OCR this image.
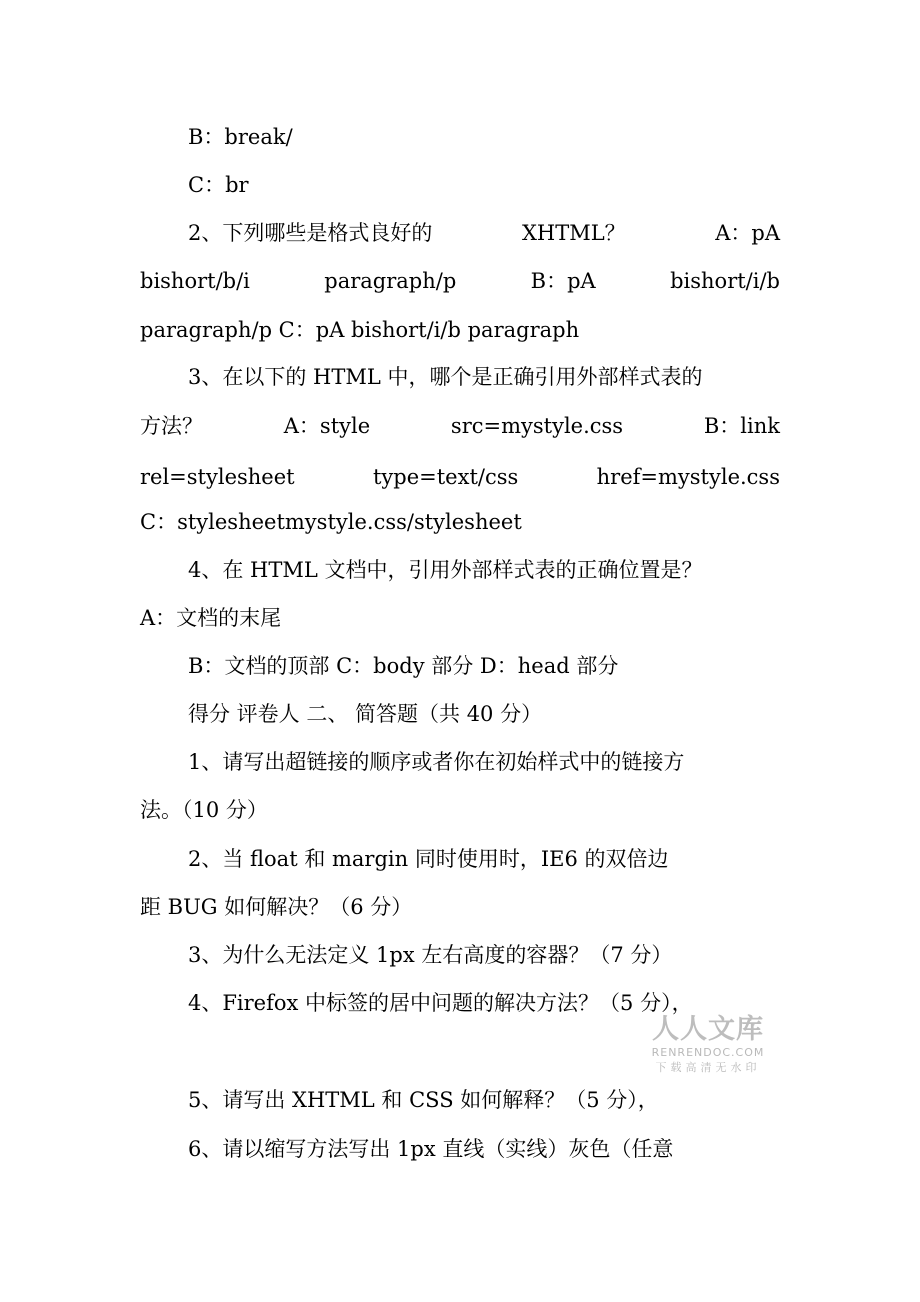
B：break/
C：br
2、下列哪些是格式良好的	XHTML？	A：pA
bishort/b/i	paragraph/p	B：pA	bishort/i/b
paragraph/p C：pA bishort/i/b paragraph
3、在以下的 HTML 中，哪个是正确引用外部样式表的
方法？	A：style	src=mystyle.css	B：link
rel=stylesheet	type=text/css	href=mystyle.css
C：stylesheetmystyle.css/stylesheet
4、在 HTML 文档中，引用外部样式表的正确位置是？
A：文档的末尾
B：文档的顶部 C：body 部分 D：head 部分
得分 评卷人 二、 简答题（共 40 分）
1、请写出超链接的顺序或者你在初始样式中的链接方
法。（10 分）
2、当 float 和 margin 同时使用时，IE6 的双倍边
距 BUG 如何解决？（6 分）
3、为什么无法定义 1px 左右高度的容器？（7 分）
4、Firefox 中标签的居中问题的解决方法？（5 分），
人人文库
RENRENDOC.COM
下载高清无水印
5、请写出 XHTML 和 CSS 如何解释？（5 分），
6、请以缩写方法写出 1px 直线（实线）灰色（任意
